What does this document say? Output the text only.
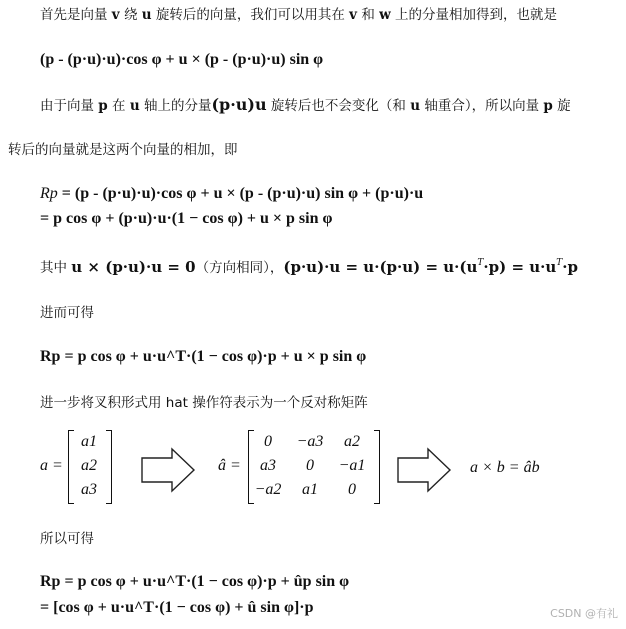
首先是向量 v 绕 u 旋转后的向量，我们可以用其在 v 和 w 上的分量相加得到，也就是
(p - (p·u)·u)·cos φ + u × (p - (p·u)·u) sin φ
由于向量 p 在 u 轴上的分量(p·u)u 旋转后也不会变化（和 u 轴重合），所以向量 p 旋
转后的向量就是这两个向量的相加，即
Rp = (p - (p·u)·u)·cos φ + u × (p - (p·u)·u) sin φ + (p·u)·u
= p cos φ + (p·u)·u·(1 − cos φ) + u × p sin φ
其中 u × (p·u)·u = 0（方向相同），$(p\cdot u)\cdot u = u\cdot(p\cdot u) = u\cdot(u^T\cdot p) = u\cdot u^T\cdot p$
进而可得
Rp = p cos φ + u·u^T·(1 − cos φ)·p + u × p sin φ
进一步将叉积形式用 hat 操作符表示为一个反对称矩阵
a =
a1
a2
a3
â =
0	−a3	a2
a3	0	−a1
−a2	a1	0
a × b = âb
所以可得
Rp = p cos φ + u·u^T·(1 − cos φ)·p + ûp sin φ
= [cos φ + u·u^T·(1 − cos φ) + û sin φ]·p	CSDN @有礼
